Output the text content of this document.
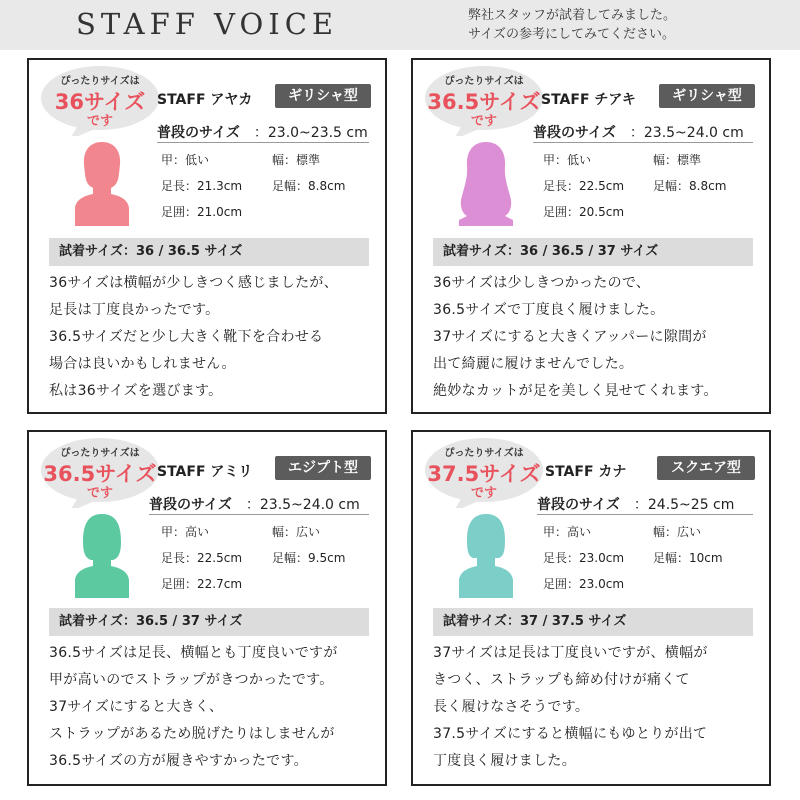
STAFF VOICE	弊社スタッフが試着してみました。
サイズの参考にしてみてください。
ぴったりサイズは
36サイズ
です
STAFF アヤカ	ギリシャ型
普段のサイズ ：23.0~23.5 cm
甲：低い	幅：標準
足長：21.3cm 足幅：8.8cm
足囲：21.0cm
試着サイズ：36 / 36.5 サイズ
36サイズは横幅が少しきつく感じましたが、
足長は丁度良かったです。
36.5サイズだと少し大きく靴下を合わせる
場合は良いかもしれません。
私は36サイズを選びます。
ぴったりサイズは
36.5サイズ
です
STAFF チアキ	ギリシャ型
普段のサイズ ：23.5~24.0 cm
甲：低い	幅：標準
足長：22.5cm 足幅：8.8cm
足囲：20.5cm
試着サイズ：36 / 36.5 / 37 サイズ
36サイズは少しきつかったので、
36.5サイズで丁度良く履けました。
37サイズにすると大きくアッパーに隙間が
出て綺麗に履けませんでした。
絶妙なカットが足を美しく見せてくれます。
ぴったりサイズは
36.5サイズ
です
STAFF アミリ	エジプト型
普段のサイズ ：23.5~24.0 cm
甲：高い	幅：広い
足長：22.5cm 足幅：9.5cm
足囲：22.7cm
試着サイズ：36.5 / 37 サイズ
36.5サイズは足長、横幅とも丁度良いですが
甲が高いのでストラップがきつかったです。
37サイズにすると大きく、
ストラップがあるため脱げたりはしませんが
36.5サイズの方が履きやすかったです。
ぴったりサイズは
37.5サイズ
です
STAFF カナ	スクエア型
普段のサイズ ：24.5~25 cm
甲：高い	幅：広い
足長：23.0cm 足幅：10cm
足囲：23.0cm
試着サイズ：37 / 37.5 サイズ
37サイズは足長は丁度良いですが、横幅が
きつく、ストラップも締め付けが痛くて
長く履けなさそうです。
37.5サイズにすると横幅にもゆとりが出て
丁度良く履けました。
